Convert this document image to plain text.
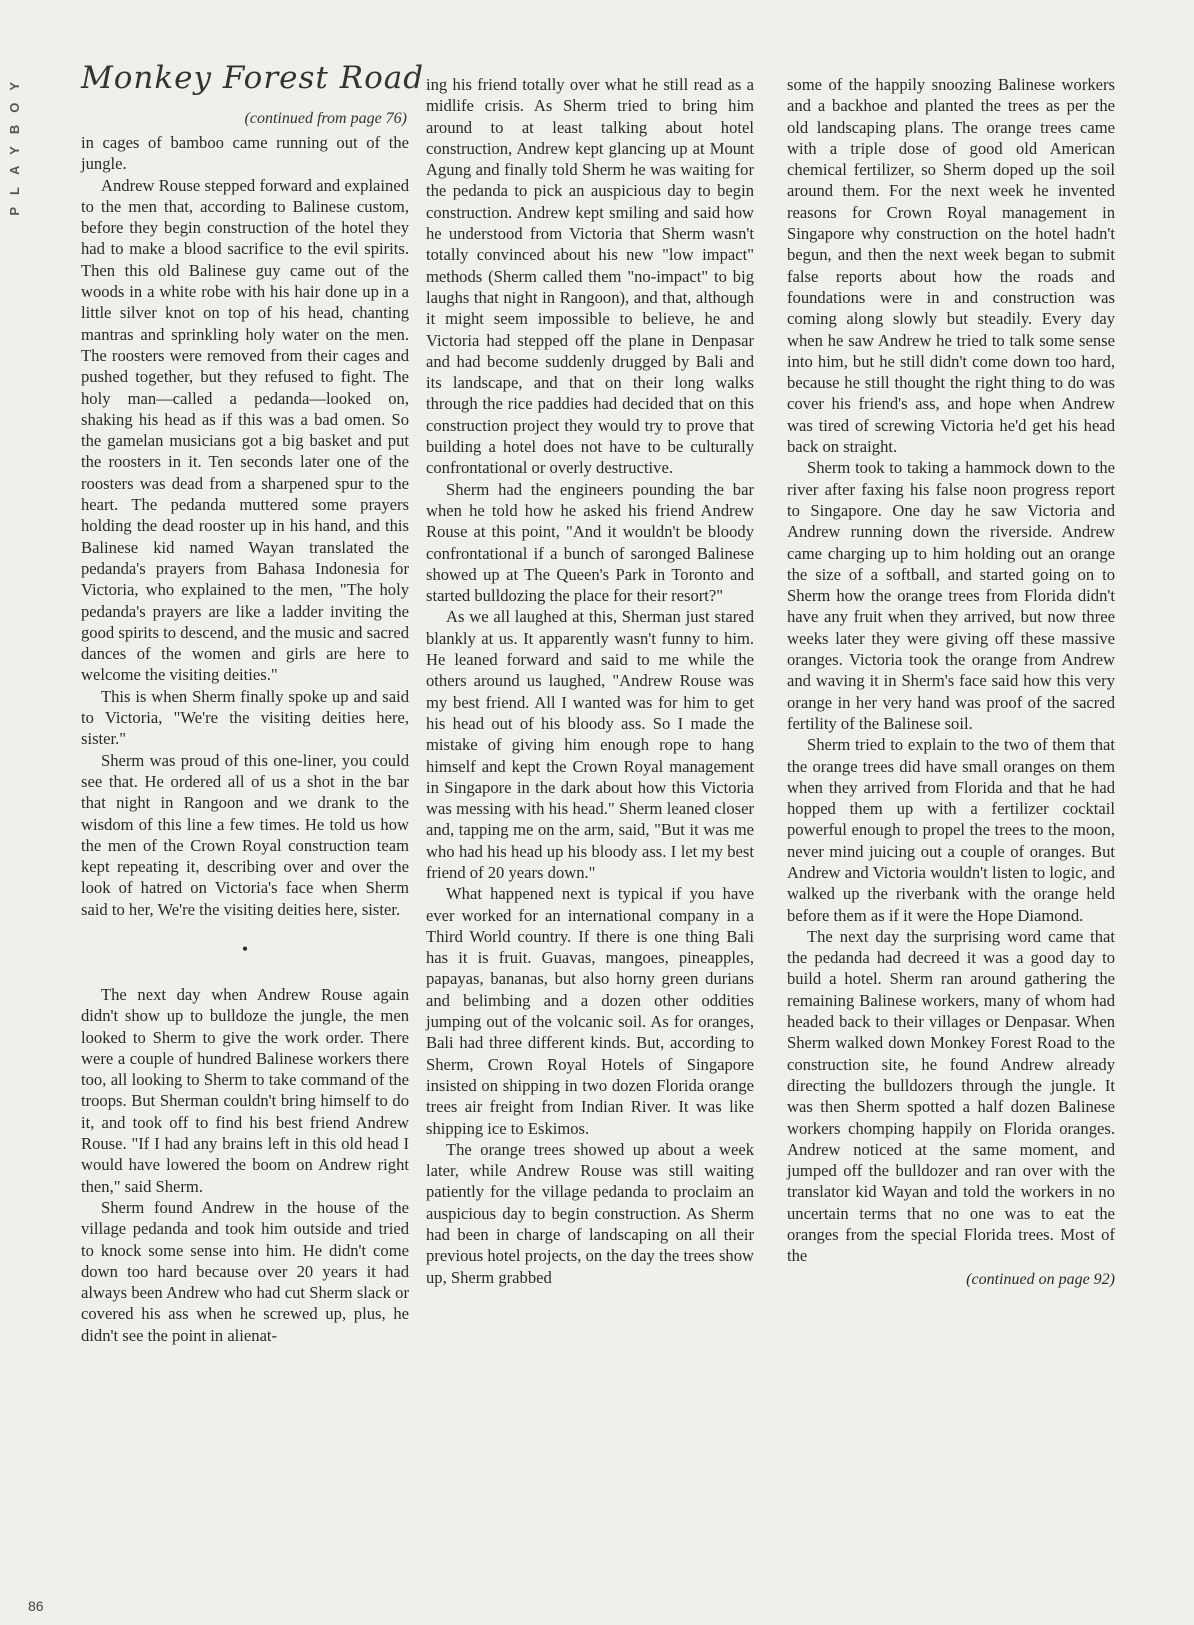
PLAYBOY
86
Monkey Forest Road
(continued from page 76)

in cages of bamboo came running out of the jungle.

Andrew Rouse stepped forward and explained to the men that, according to Balinese custom, before they begin construction of the hotel they had to make a blood sacrifice to the evil spirits. Then this old Balinese guy came out of the woods in a white robe with his hair done up in a little silver knot on top of his head, chanting mantras and sprinkling holy water on the men. The roosters were removed from their cages and pushed together, but they refused to fight. The holy man—called a pedanda—looked on, shaking his head as if this was a bad omen. So the gamelan musicians got a big basket and put the roosters in it. Ten seconds later one of the roosters was dead from a sharpened spur to the heart. The pedanda muttered some prayers holding the dead rooster up in his hand, and this Balinese kid named Wayan translated the pedanda's prayers from Bahasa Indonesia for Victoria, who explained to the men, "The holy pedanda's prayers are like a ladder inviting the good spirits to descend, and the music and sacred dances of the women and girls are here to welcome the visiting deities."

This is when Sherm finally spoke up and said to Victoria, "We're the visiting deities here, sister."

Sherm was proud of this one-liner, you could see that. He ordered all of us a shot in the bar that night in Rangoon and we drank to the wisdom of this line a few times. He told us how the men of the Crown Royal construction team kept repeating it, describing over and over the look of hatred on Victoria's face when Sherm said to her, We're the visiting deities here, sister.

•

The next day when Andrew Rouse again didn't show up to bulldoze the jungle, the men looked to Sherm to give the work order. There were a couple of hundred Balinese workers there too, all looking to Sherm to take command of the troops. But Sherman couldn't bring himself to do it, and took off to find his best friend Andrew Rouse. "If I had any brains left in this old head I would have lowered the boom on Andrew right then," said Sherm.

Sherm found Andrew in the house of the village pedanda and took him outside and tried to knock some sense into him. He didn't come down too hard because over 20 years it had always been Andrew who had cut Sherm slack or covered his ass when he screwed up, plus, he didn't see the point in alienat-

ing his friend totally over what he still read as a midlife crisis. As Sherm tried to bring him around to at least talking about hotel construction, Andrew kept glancing up at Mount Agung and finally told Sherm he was waiting for the pedanda to pick an auspicious day to begin construction. Andrew kept smiling and said how he understood from Victoria that Sherm wasn't totally convinced about his new "low impact" methods (Sherm called them "no-impact" to big laughs that night in Rangoon), and that, although it might seem impossible to believe, he and Victoria had stepped off the plane in Denpasar and had become suddenly drugged by Bali and its landscape, and that on their long walks through the rice paddies had decided that on this construction project they would try to prove that building a hotel does not have to be culturally confrontational or overly destructive.

Sherm had the engineers pounding the bar when he told how he asked his friend Andrew Rouse at this point, "And it wouldn't be bloody confrontational if a bunch of saronged Balinese showed up at The Queen's Park in Toronto and started bulldozing the place for their resort?"

As we all laughed at this, Sherman just stared blankly at us. It apparently wasn't funny to him. He leaned forward and said to me while the others around us laughed, "Andrew Rouse was my best friend. All I wanted was for him to get his head out of his bloody ass. So I made the mistake of giving him enough rope to hang himself and kept the Crown Royal management in Singapore in the dark about how this Victoria was messing with his head." Sherm leaned closer and, tapping me on the arm, said, "But it was me who had his head up his bloody ass. I let my best friend of 20 years down."

What happened next is typical if you have ever worked for an international company in a Third World country. If there is one thing Bali has it is fruit. Guavas, mangoes, pineapples, papayas, bananas, but also horny green durians and belimbing and a dozen other oddities jumping out of the volcanic soil. As for oranges, Bali had three different kinds. But, according to Sherm, Crown Royal Hotels of Singapore insisted on shipping in two dozen Florida orange trees air freight from Indian River. It was like shipping ice to Eskimos.

The orange trees showed up about a week later, while Andrew Rouse was still waiting patiently for the village pedanda to proclaim an auspicious day to begin construction. As Sherm had been in charge of landscaping on all their previous hotel projects, on the day the trees show up, Sherm grabbed

some of the happily snoozing Balinese workers and a backhoe and planted the trees as per the old landscaping plans. The orange trees came with a triple dose of good old American chemical fertilizer, so Sherm doped up the soil around them. For the next week he invented reasons for Crown Royal management in Singapore why construction on the hotel hadn't begun, and then the next week began to submit false reports about how the roads and foundations were in and construction was coming along slowly but steadily. Every day when he saw Andrew he tried to talk some sense into him, but he still didn't come down too hard, because he still thought the right thing to do was cover his friend's ass, and hope when Andrew was tired of screwing Victoria he'd get his head back on straight.

Sherm took to taking a hammock down to the river after faxing his false noon progress report to Singapore. One day he saw Victoria and Andrew running down the riverside. Andrew came charging up to him holding out an orange the size of a softball, and started going on to Sherm how the orange trees from Florida didn't have any fruit when they arrived, but now three weeks later they were giving off these massive oranges. Victoria took the orange from Andrew and waving it in Sherm's face said how this very orange in her very hand was proof of the sacred fertility of the Balinese soil.

Sherm tried to explain to the two of them that the orange trees did have small oranges on them when they arrived from Florida and that he had hopped them up with a fertilizer cocktail powerful enough to propel the trees to the moon, never mind juicing out a couple of oranges. But Andrew and Victoria wouldn't listen to logic, and walked up the riverbank with the orange held before them as if it were the Hope Diamond.

The next day the surprising word came that the pedanda had decreed it was a good day to build a hotel. Sherm ran around gathering the remaining Balinese workers, many of whom had headed back to their villages or Denpasar. When Sherm walked down Monkey Forest Road to the construction site, he found Andrew already directing the bulldozers through the jungle. It was then Sherm spotted a half dozen Balinese workers chomping happily on Florida oranges. Andrew noticed at the same moment, and jumped off the bulldozer and ran over with the translator kid Wayan and told the workers in no uncertain terms that no one was to eat the oranges from the special Florida trees. Most of the

(continued on page 92)
